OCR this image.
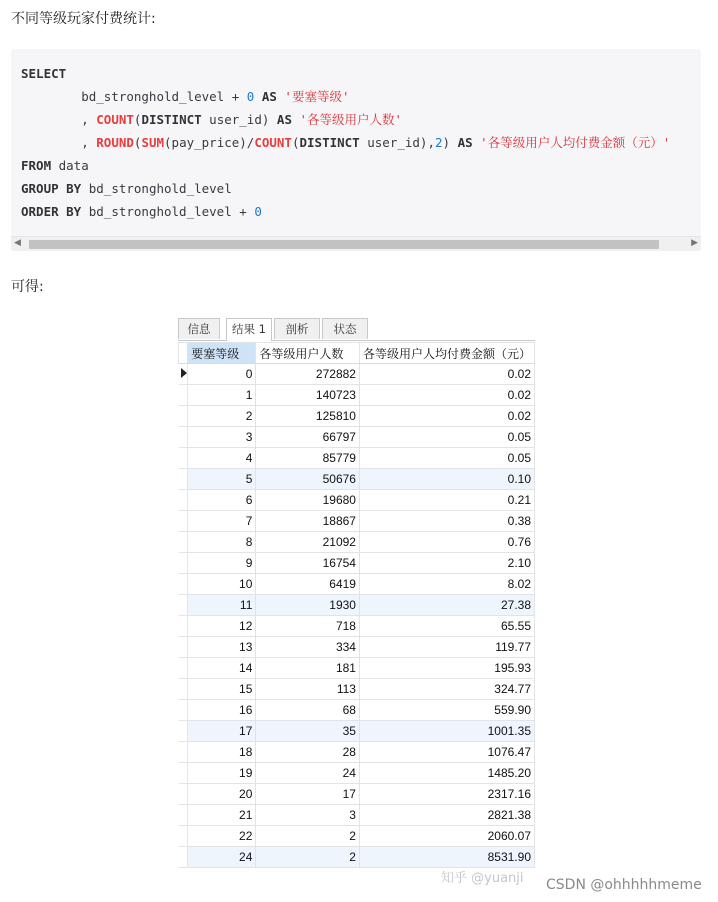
不同等级玩家付费统计:
SELECT
bd_stronghold_level + 0 AS '要塞等级'
, COUNT(DISTINCT user_id) AS '各等级用户人数'
, ROUND(SUM(pay_price)/COUNT(DISTINCT user_id),2) AS '各等级用户人均付费金额（元）'
FROM data
GROUP BY bd_stronghold_level
ORDER BY bd_stronghold_level + 0
◀	▶
可得:
信息	结果 1	剖析	状态
	要塞等级	各等级用户人数	各等级用户人均付费金额（元）
	0	272882	0.02
	1	140723	0.02
	2	125810	0.02
	3	66797	0.05
	4	85779	0.05
	5	50676	0.10
	6	19680	0.21
	7	18867	0.38
	8	21092	0.76
	9	16754	2.10
	10	6419	8.02
	11	1930	27.38
	12	718	65.55
	13	334	119.77
	14	181	195.93
	15	113	324.77
	16	68	559.90
	17	35	1001.35
	18	28	1076.47
	19	24	1485.20
	20	17	2317.16
	21	3	2821.38
	22	2	2060.07
	24	2	8531.90
知乎 @yuanji CSDN @ohhhhhmeme
